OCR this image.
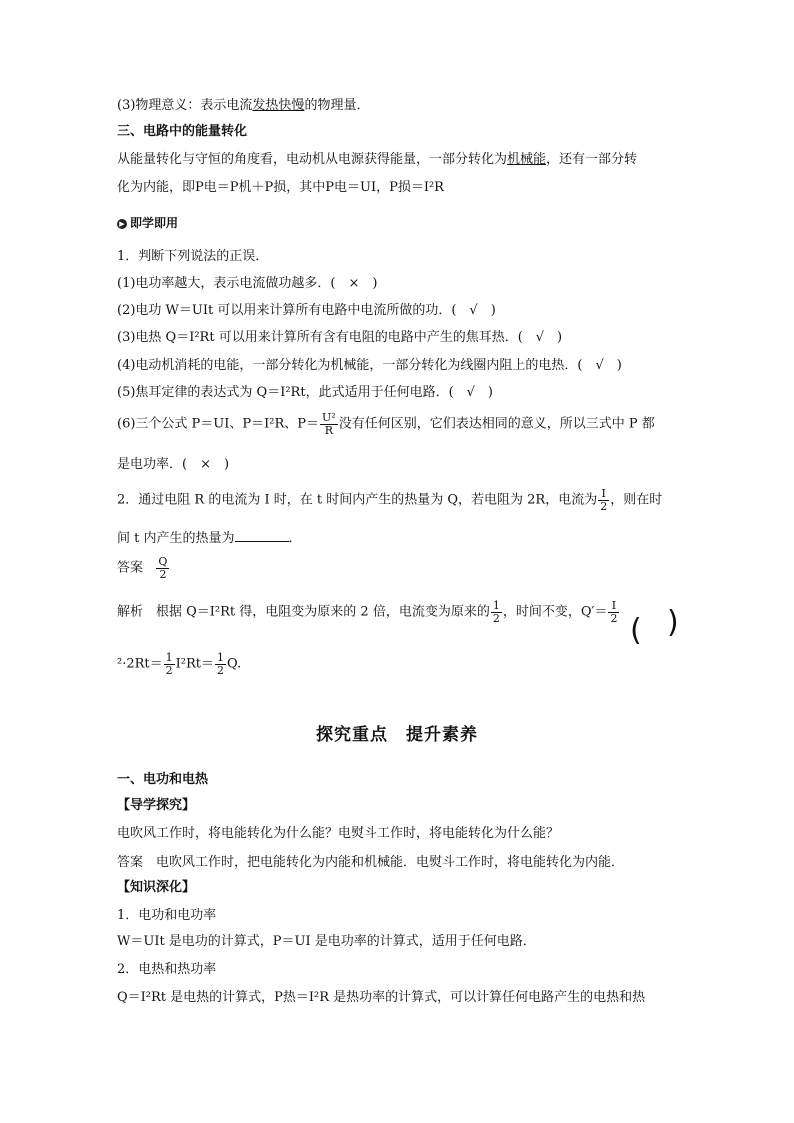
(3)物理意义：表示电流发热快慢的物理量．
三、电路中的能量转化
从能量转化与守恒的角度看，电动机从电源获得能量，一部分转化为机械能，还有一部分转
化为内能，即P电＝P机＋P损，其中P电＝UI，P损＝I²R
▶ 即学即用
1．判断下列说法的正误．
(1)电功率越大，表示电流做功越多．(　×　)
(2)电功 W＝UIt 可以用来计算所有电路中电流所做的功．(　√　)
(3)电热 Q＝I²Rt 可以用来计算所有含有电阻的电路中产生的焦耳热．(　√　)
(4)电动机消耗的电能，一部分转化为机械能，一部分转化为线圈内阻上的电热．(　√　)
(5)焦耳定律的表达式为 Q＝I²Rt，此式适用于任何电路．(　√　)
(6)三个公式 P＝UI、P＝I²R、$P= \frac{\text{U²}}{R}$ 没有任何区别，它们表达相同的意义，所以三式中 P 都
是电功率．(　×　)
2．通过电阻 R 的电流为 I 时，在 t 时间内产生的热量为 Q，若电阻为 2R，电流为 $\frac{I}{2}$ ，则在时
间 t 内产生的热量为	．
答案 $\frac{Q}{2}$
解析　根据 Q＝I²Rt 得，电阻变为原来的 2 倍，电流变为原来的 $\frac{1}{2}$ ，时间不变，$Q'= \frac{I}{2}$
( )
$^2\cdot 2Rt= \frac{1}{2} I^2Rt= \frac{1}{2} Q$.
探究重点　提升素养
一、电功和电热
【导学探究】
电吹风工作时，将电能转化为什么能？电熨斗工作时，将电能转化为什么能？
答案　电吹风工作时，把电能转化为内能和机械能．电熨斗工作时，将电能转化为内能．
【知识深化】
1．电功和电功率
W＝UIt 是电功的计算式，P＝UI 是电功率的计算式，适用于任何电路．
2．电热和热功率
Q＝I²Rt 是电热的计算式，P热＝I²R 是热功率的计算式，可以计算任何电路产生的电热和热
